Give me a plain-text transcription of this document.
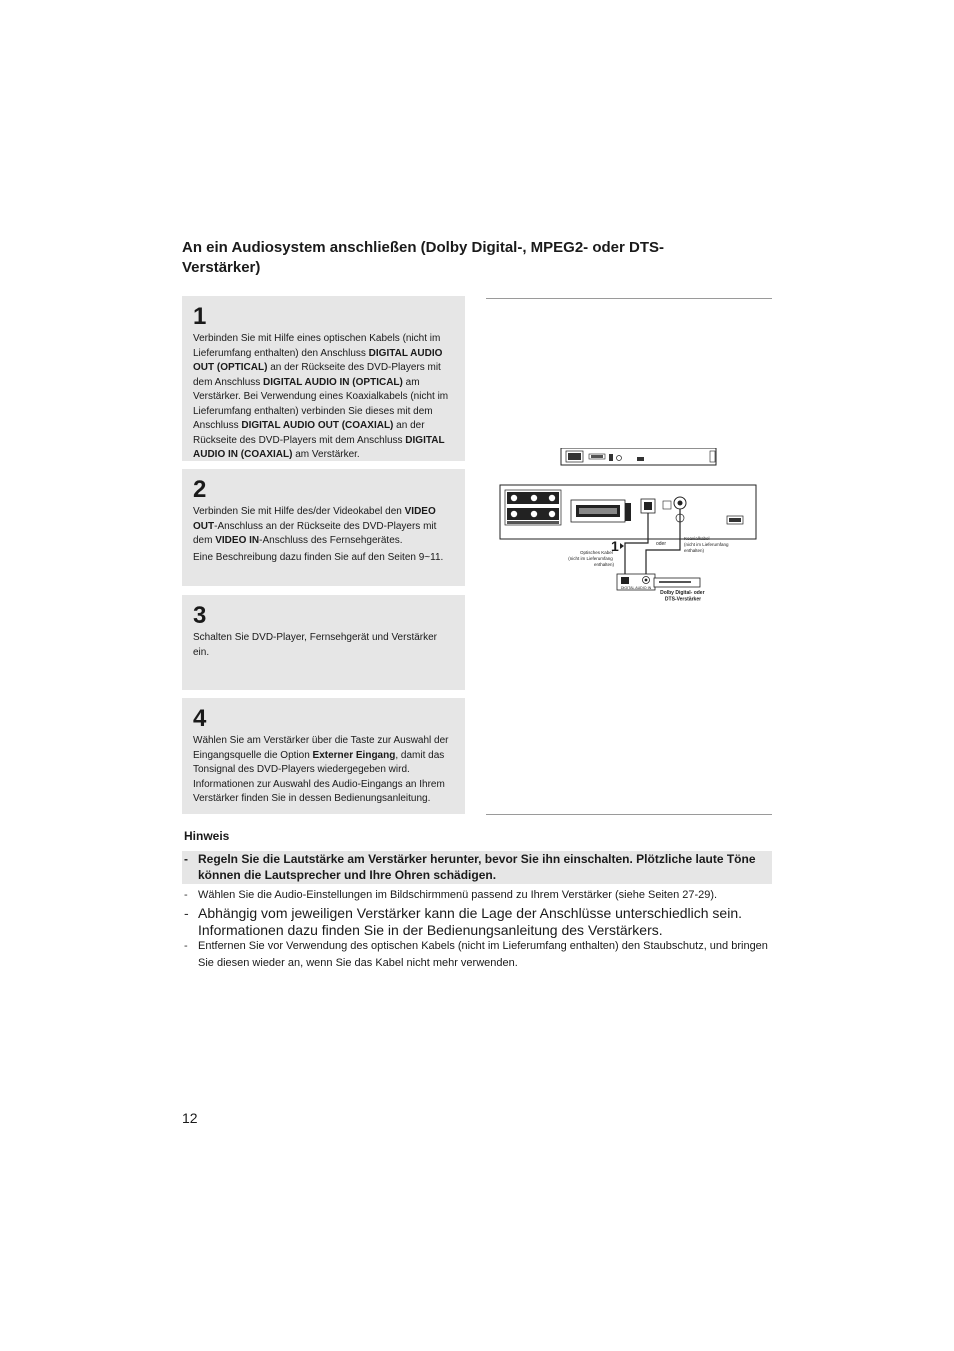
An ein Audiosystem anschließen (Dolby Digital-, MPEG2- oder DTS-Verstärker)
1
Verbinden Sie mit Hilfe eines optischen Kabels (nicht im Lieferumfang enthalten) den Anschluss DIGITAL AUDIO OUT (OPTICAL) an der Rückseite des DVD-Players mit dem Anschluss DIGITAL AUDIO IN (OPTICAL) am Verstärker. Bei Verwendung eines Koaxialkabels (nicht im Lieferumfang enthalten) verbinden Sie dieses mit dem Anschluss DIGITAL AUDIO OUT (COAXIAL) an der Rückseite des DVD-Players mit dem Anschluss DIGITAL AUDIO IN (COAXIAL) am Verstärker.
2
Verbinden Sie mit Hilfe des/der Videokabel den VIDEO OUT-Anschluss an der Rückseite des DVD-Players mit dem VIDEO IN-Anschluss des Fernsehgerätes.
Eine Beschreibung dazu finden Sie auf den Seiten 9~11.
3
Schalten Sie DVD-Player, Fernsehgerät und Verstärker ein.
4
Wählen Sie am Verstärker über die Taste zur Auswahl der Eingangsquelle die Option Externer Eingang, damit das Tonsignal des DVD-Players wiedergegeben wird. Informationen zur Auswahl des Audio-Eingangs an Ihrem Verstärker finden Sie in dessen Bedienungsanleitung.
1	oder
Optisches Kabel (nicht im Lieferumfang enthalten)
Koaxialkabel (nicht im Lieferumfang enthalten)
DIGITAL AUDIO IN
Dolby Digital- oder DTS-Verstärker
Hinweis
- Regeln Sie die Lautstärke am Verstärker herunter, bevor Sie ihn einschalten. Plötzliche laute Töne können die Lautsprecher und Ihre Ohren schädigen.
- Wählen Sie die Audio-Einstellungen im Bildschirmmenü passend zu Ihrem Verstärker (siehe Seiten 27-29).
- Abhängig vom jeweiligen Verstärker kann die Lage der Anschlüsse unterschiedlich sein. Informationen dazu finden Sie in der Bedienungsanleitung des Verstärkers.
- Entfernen Sie vor Verwendung des optischen Kabels (nicht im Lieferumfang enthalten) den Staubschutz, und bringen Sie diesen wieder an, wenn Sie das Kabel nicht mehr verwenden.
12
